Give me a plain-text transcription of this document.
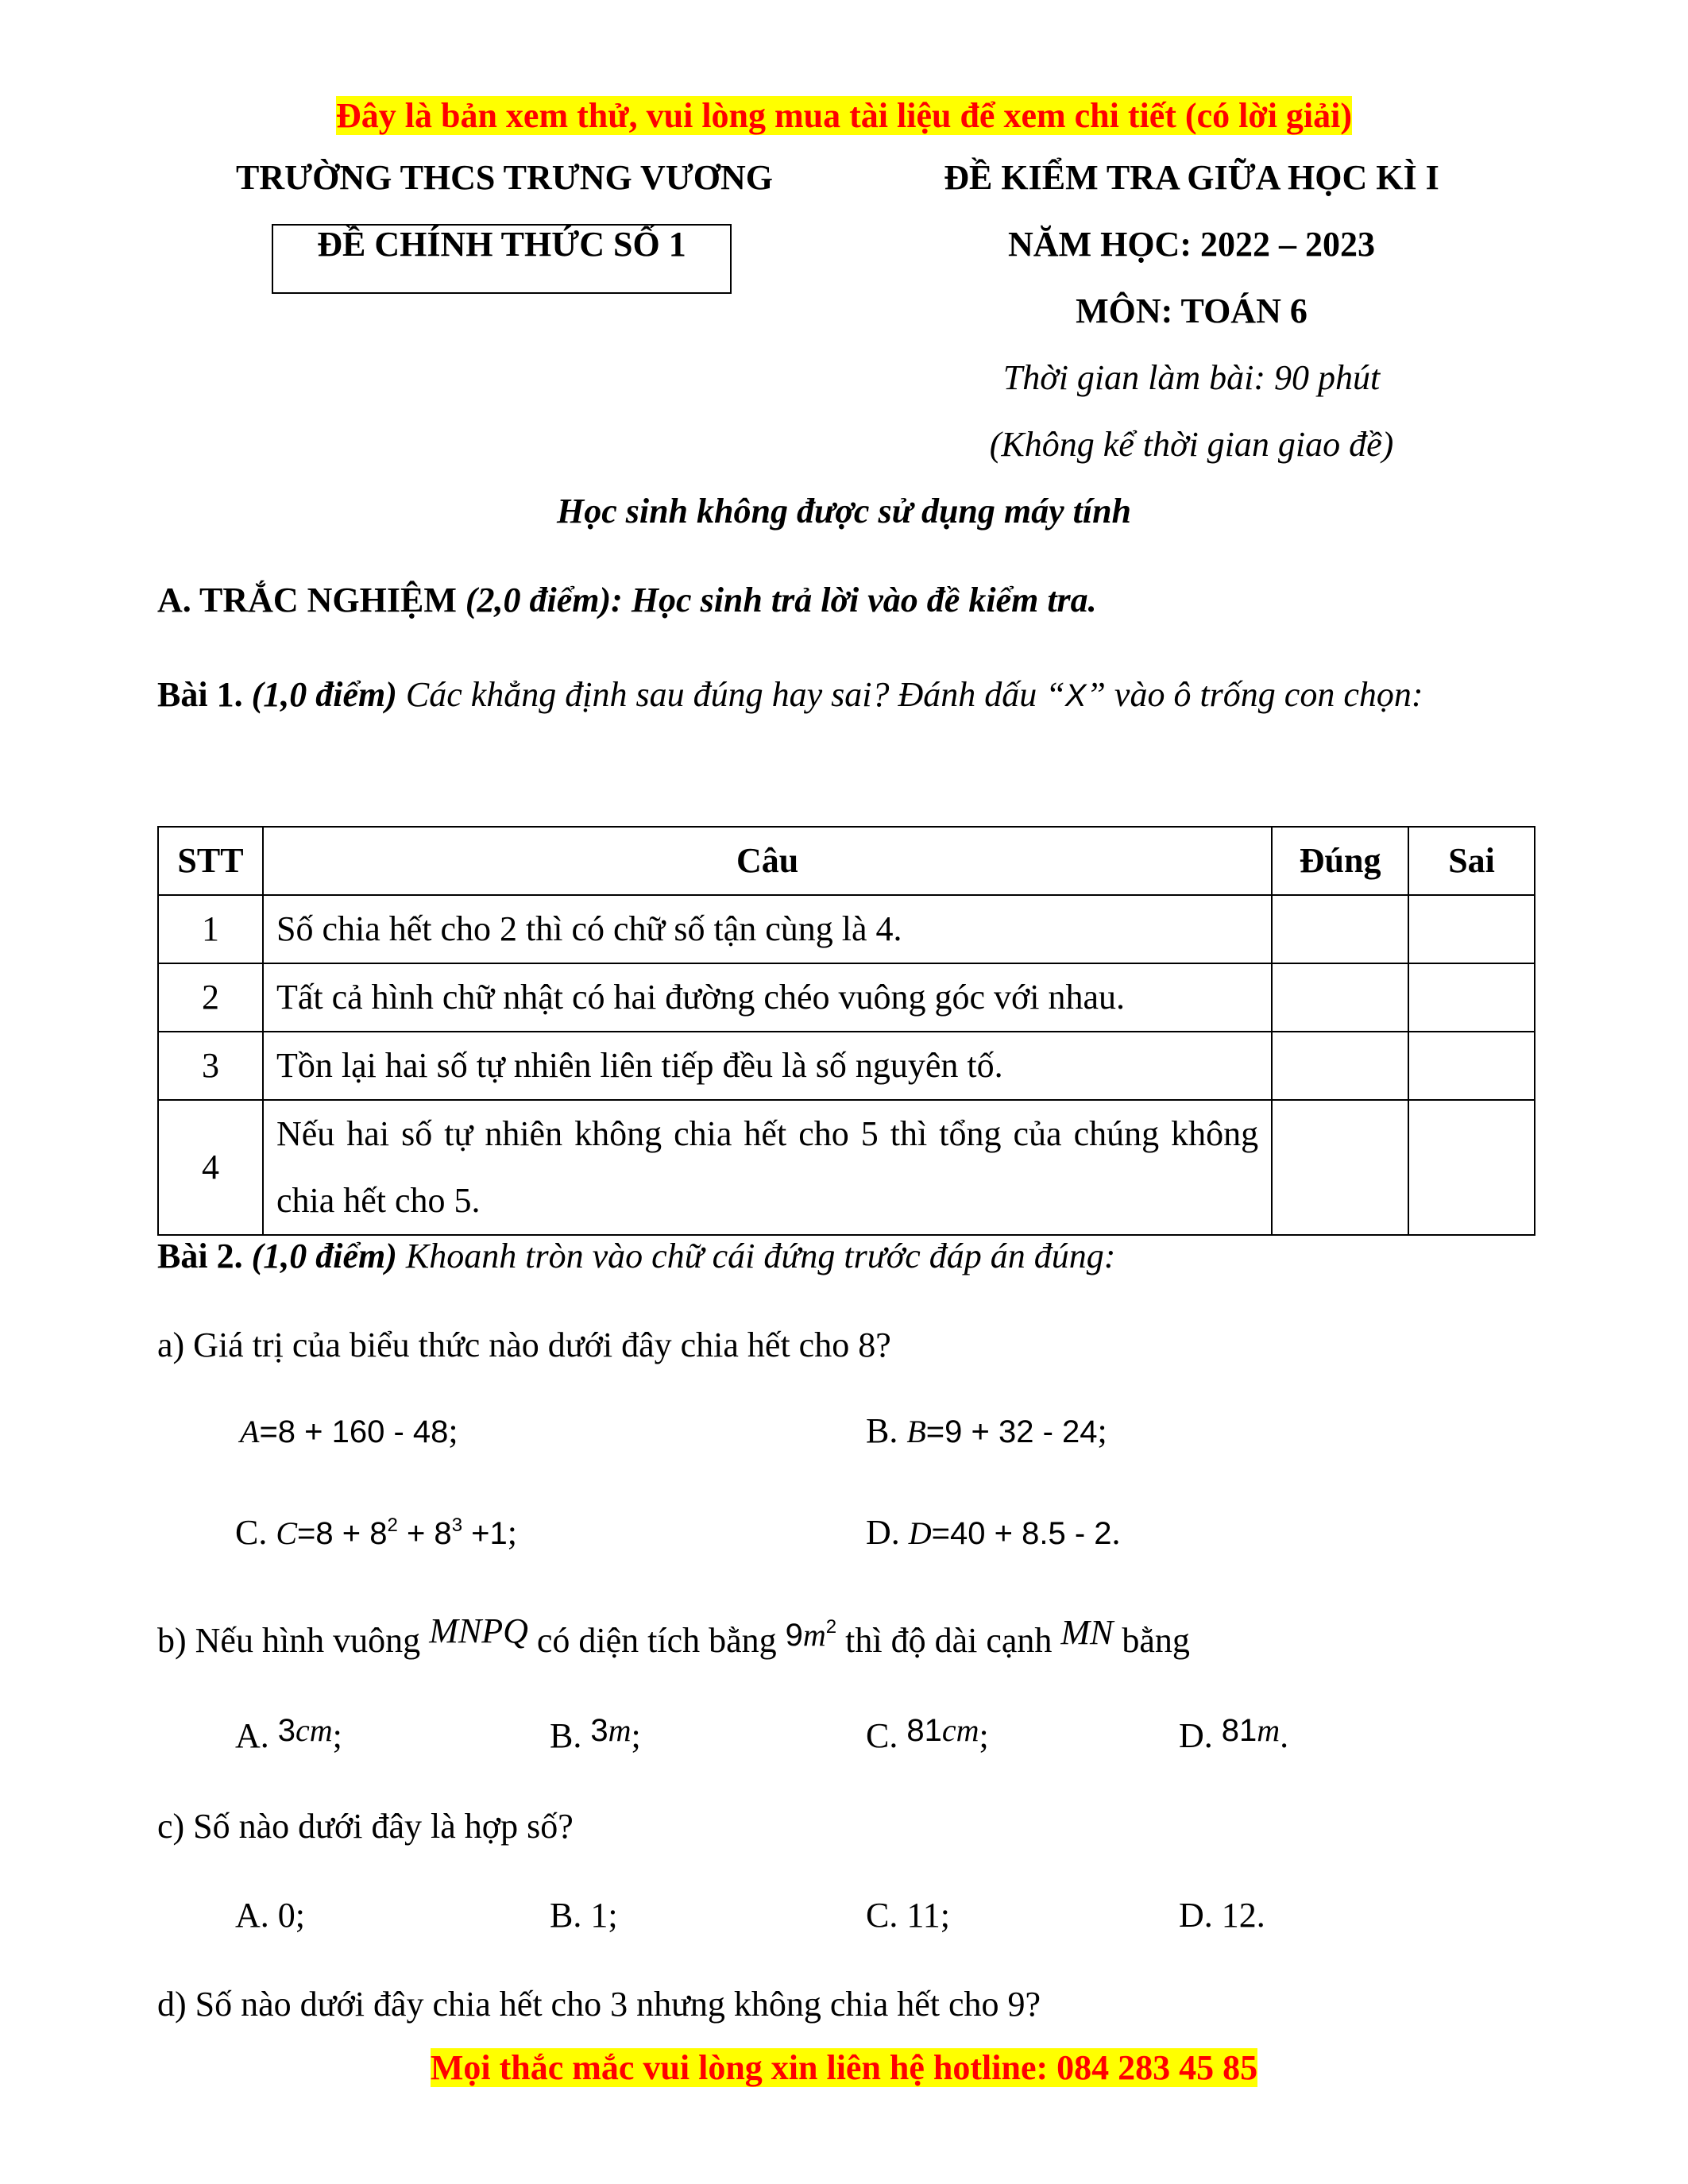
Đây là bản xem thử, vui lòng mua tài liệu để xem chi tiết (có lời giải)
TRƯỜNG THCS TRƯNG VƯƠNG
ĐỀ CHÍNH THỨC SỐ 1
ĐỀ KIỂM TRA GIỮA HỌC KÌ I
NĂM HỌC: 2022 – 2023
MÔN: TOÁN 6
Thời gian làm bài: 90 phút
(Không kể thời gian giao đề)
Học sinh không được sử dụng máy tính
A. TRẮC NGHIỆM (2,0 điểm): Học sinh trả lời vào đề kiểm tra.
Bài 1. (1,0 điểm) Các khẳng định sau đúng hay sai? Đánh dấu “X” vào ô trống con chọn:
STT	Câu	Đúng	Sai
1	Số chia hết cho 2 thì có chữ số tận cùng là 4.		
2	Tất cả hình chữ nhật có hai đường chéo vuông góc với nhau.		
3	Tồn lại hai số tự nhiên liên tiếp đều là số nguyên tố.		
4	Nếu hai số tự nhiên không chia hết cho 5 thì tổng của chúng không chia hết cho 5.		
Bài 2. (1,0 điểm) Khoanh tròn vào chữ cái đứng trước đáp án đúng:
a) Giá trị của biểu thức nào dưới đây chia hết cho 8?
A=8 + 160 - 48;	B. B=9 + 32 - 24;
C. $C=8 + 8^2 + 8^3 +1$;	D. D=40 + 8.5 - 2.
b) Nếu hình vuông MNPQ có diện tích bằng $9m^2$ thì độ dài cạnh MN bằng
A. 3cm;	B. 3m;	C. 81cm;	D. 81m.
c) Số nào dưới đây là hợp số?
A. 0;	B. 1;	C. 11;	D. 12.
d) Số nào dưới đây chia hết cho 3 nhưng không chia hết cho 9?
Mọi thắc mắc vui lòng xin liên hệ hotline: 084 283 45 85
